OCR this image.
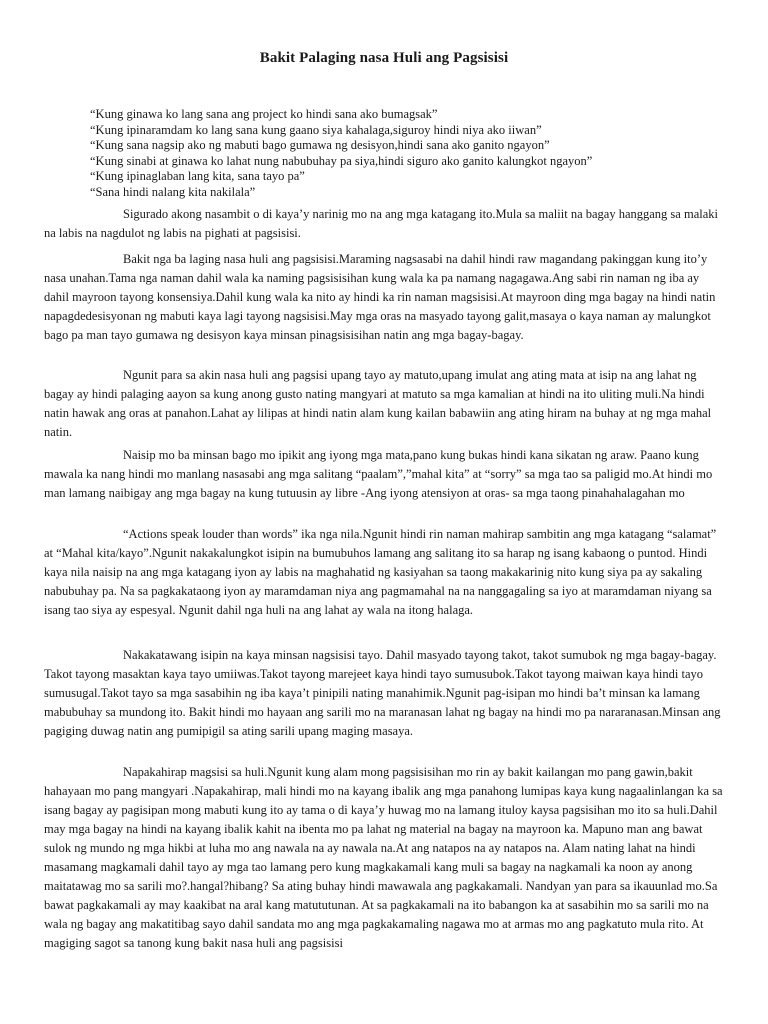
Bakit Palaging nasa Huli ang Pagsisisi
“Kung ginawa ko lang sana ang project ko hindi sana ako bumagsak”
“Kung ipinaramdam ko lang sana kung gaano siya kahalaga,siguroy hindi niya ako iiwan”
“Kung sana nagsip ako ng mabuti bago gumawa ng desisyon,hindi sana ako ganito ngayon”
“Kung sinabi at ginawa ko lahat nung nabubuhay pa siya,hindi siguro ako ganito kalungkot ngayon”
“Kung ipinaglaban lang kita, sana tayo pa”
“Sana hindi nalang kita nakilala”

Sigurado akong nasambit o di kaya’y narinig mo na ang mga katagang ito.Mula sa maliit na bagay hanggang sa malaki na labis na nagdulot ng labis na pighati at pagsisisi.

Bakit nga ba laging nasa huli ang pagsisisi.Maraming nagsasabi na dahil hindi raw magandang pakinggan kung ito’y nasa unahan.Tama nga naman dahil wala ka naming pagsisisihan kung wala ka pa namang nagagawa.Ang sabi rin naman ng iba ay dahil mayroon tayong konsensiya.Dahil kung wala ka nito ay hindi ka rin naman magsisisi.At mayroon ding mga bagay na hindi natin napagdedesisyonan ng mabuti kaya lagi tayong nagsisisi.May mga oras na masyado tayong galit,masaya o kaya naman ay malungkot bago pa man tayo gumawa ng desisyon kaya minsan pinagsisisihan natin ang mga bagay-bagay.

Ngunit para sa akin nasa huli ang pagsisi upang tayo ay matuto,upang imulat ang ating mata at isip na ang lahat ng bagay ay hindi palaging aayon sa kung anong gusto nating mangyari at matuto sa mga kamalian at hindi na ito uliting muli.Na hindi natin hawak ang oras at panahon.Lahat ay lilipas at hindi natin alam kung kailan babawiin ang ating hiram na buhay at ng mga mahal natin.

Naisip mo ba minsan bago mo ipikit ang iyong mga mata,pano kung bukas hindi kana sikatan ng araw. Paano kung mawala ka nang hindi mo manlang nasasabi ang mga salitang “paalam”,”mahal kita” at “sorry” sa mga tao sa paligid mo.At hindi mo man lamang naibigay ang mga bagay na kung tutuusin ay libre -Ang iyong atensiyon at oras- sa mga taong pinahahalagahan mo

“Actions speak louder than words” ika nga nila.Ngunit hindi rin naman mahirap sambitin ang mga katagang “salamat” at “Mahal kita/kayo”.Ngunit nakakalungkot isipin na bumubuhos lamang ang salitang ito sa harap ng isang kabaong o puntod. Hindi kaya nila naisip na ang mga katagang iyon ay labis na maghahatid ng kasiyahan sa taong makakarinig nito kung siya pa ay sakaling nabubuhay pa. Na sa pagkakataong iyon ay maramdaman niya ang pagmamahal na na nanggagaling sa iyo at maramdaman niyang sa isang tao siya ay espesyal. Ngunit dahil nga huli na ang lahat ay wala na itong halaga.

Nakakatawang isipin na kaya minsan nagsisisi tayo. Dahil masyado tayong takot, takot sumubok ng mga bagay-bagay. Takot tayong masaktan kaya tayo umiiwas.Takot tayong marejeet kaya hindi tayo sumusubok.Takot tayong maiwan kaya hindi tayo sumusugal.Takot tayo sa mga sasabihin ng iba kaya’t pinipili nating manahimik.Ngunit pag-isipan mo hindi ba’t minsan ka lamang mabubuhay sa mundong ito. Bakit hindi mo hayaan ang sarili mo na maranasan lahat ng bagay na hindi mo pa nararanasan.Minsan ang pagiging duwag natin ang pumipigil sa ating sarili upang maging masaya.

Napakahirap magsisi sa huli.Ngunit kung alam mong pagsisisihan mo rin ay bakit kailangan mo pang gawin,bakit hahayaan mo pang mangyari .Napakahirap, mali hindi mo na kayang ibalik ang mga panahong lumipas kaya kung nagaalinlangan ka sa isang bagay ay pagisipan mong mabuti kung ito ay tama o di kaya’y huwag mo na lamang ituloy kaysa pagsisihan mo ito sa huli.Dahil may mga bagay na hindi na kayang ibalik kahit na ibenta mo pa lahat ng material na bagay na mayroon ka. Mapuno man ang bawat sulok ng mundo ng mga hikbi at luha mo ang nawala na ay nawala na.At ang natapos na ay natapos na. Alam nating lahat na hindi masamang magkamali dahil tayo ay mga tao lamang pero kung magkakamali kang muli sa bagay na nagkamali ka noon ay anong maitatawag mo sa sarili mo?.hangal?hibang? Sa ating buhay hindi mawawala ang pagkakamali. Nandyan yan para sa ikauunlad mo.Sa bawat pagkakamali ay may kaakibat na aral kang matututunan. At sa pagkakamali na ito babangon ka at sasabihin mo sa sarili mo na wala ng bagay ang makatitibag sayo dahil sandata mo ang mga pagkakamaling nagawa mo at armas mo ang pagkatuto mula rito. At magiging sagot sa tanong kung bakit nasa huli ang pagsisisi
